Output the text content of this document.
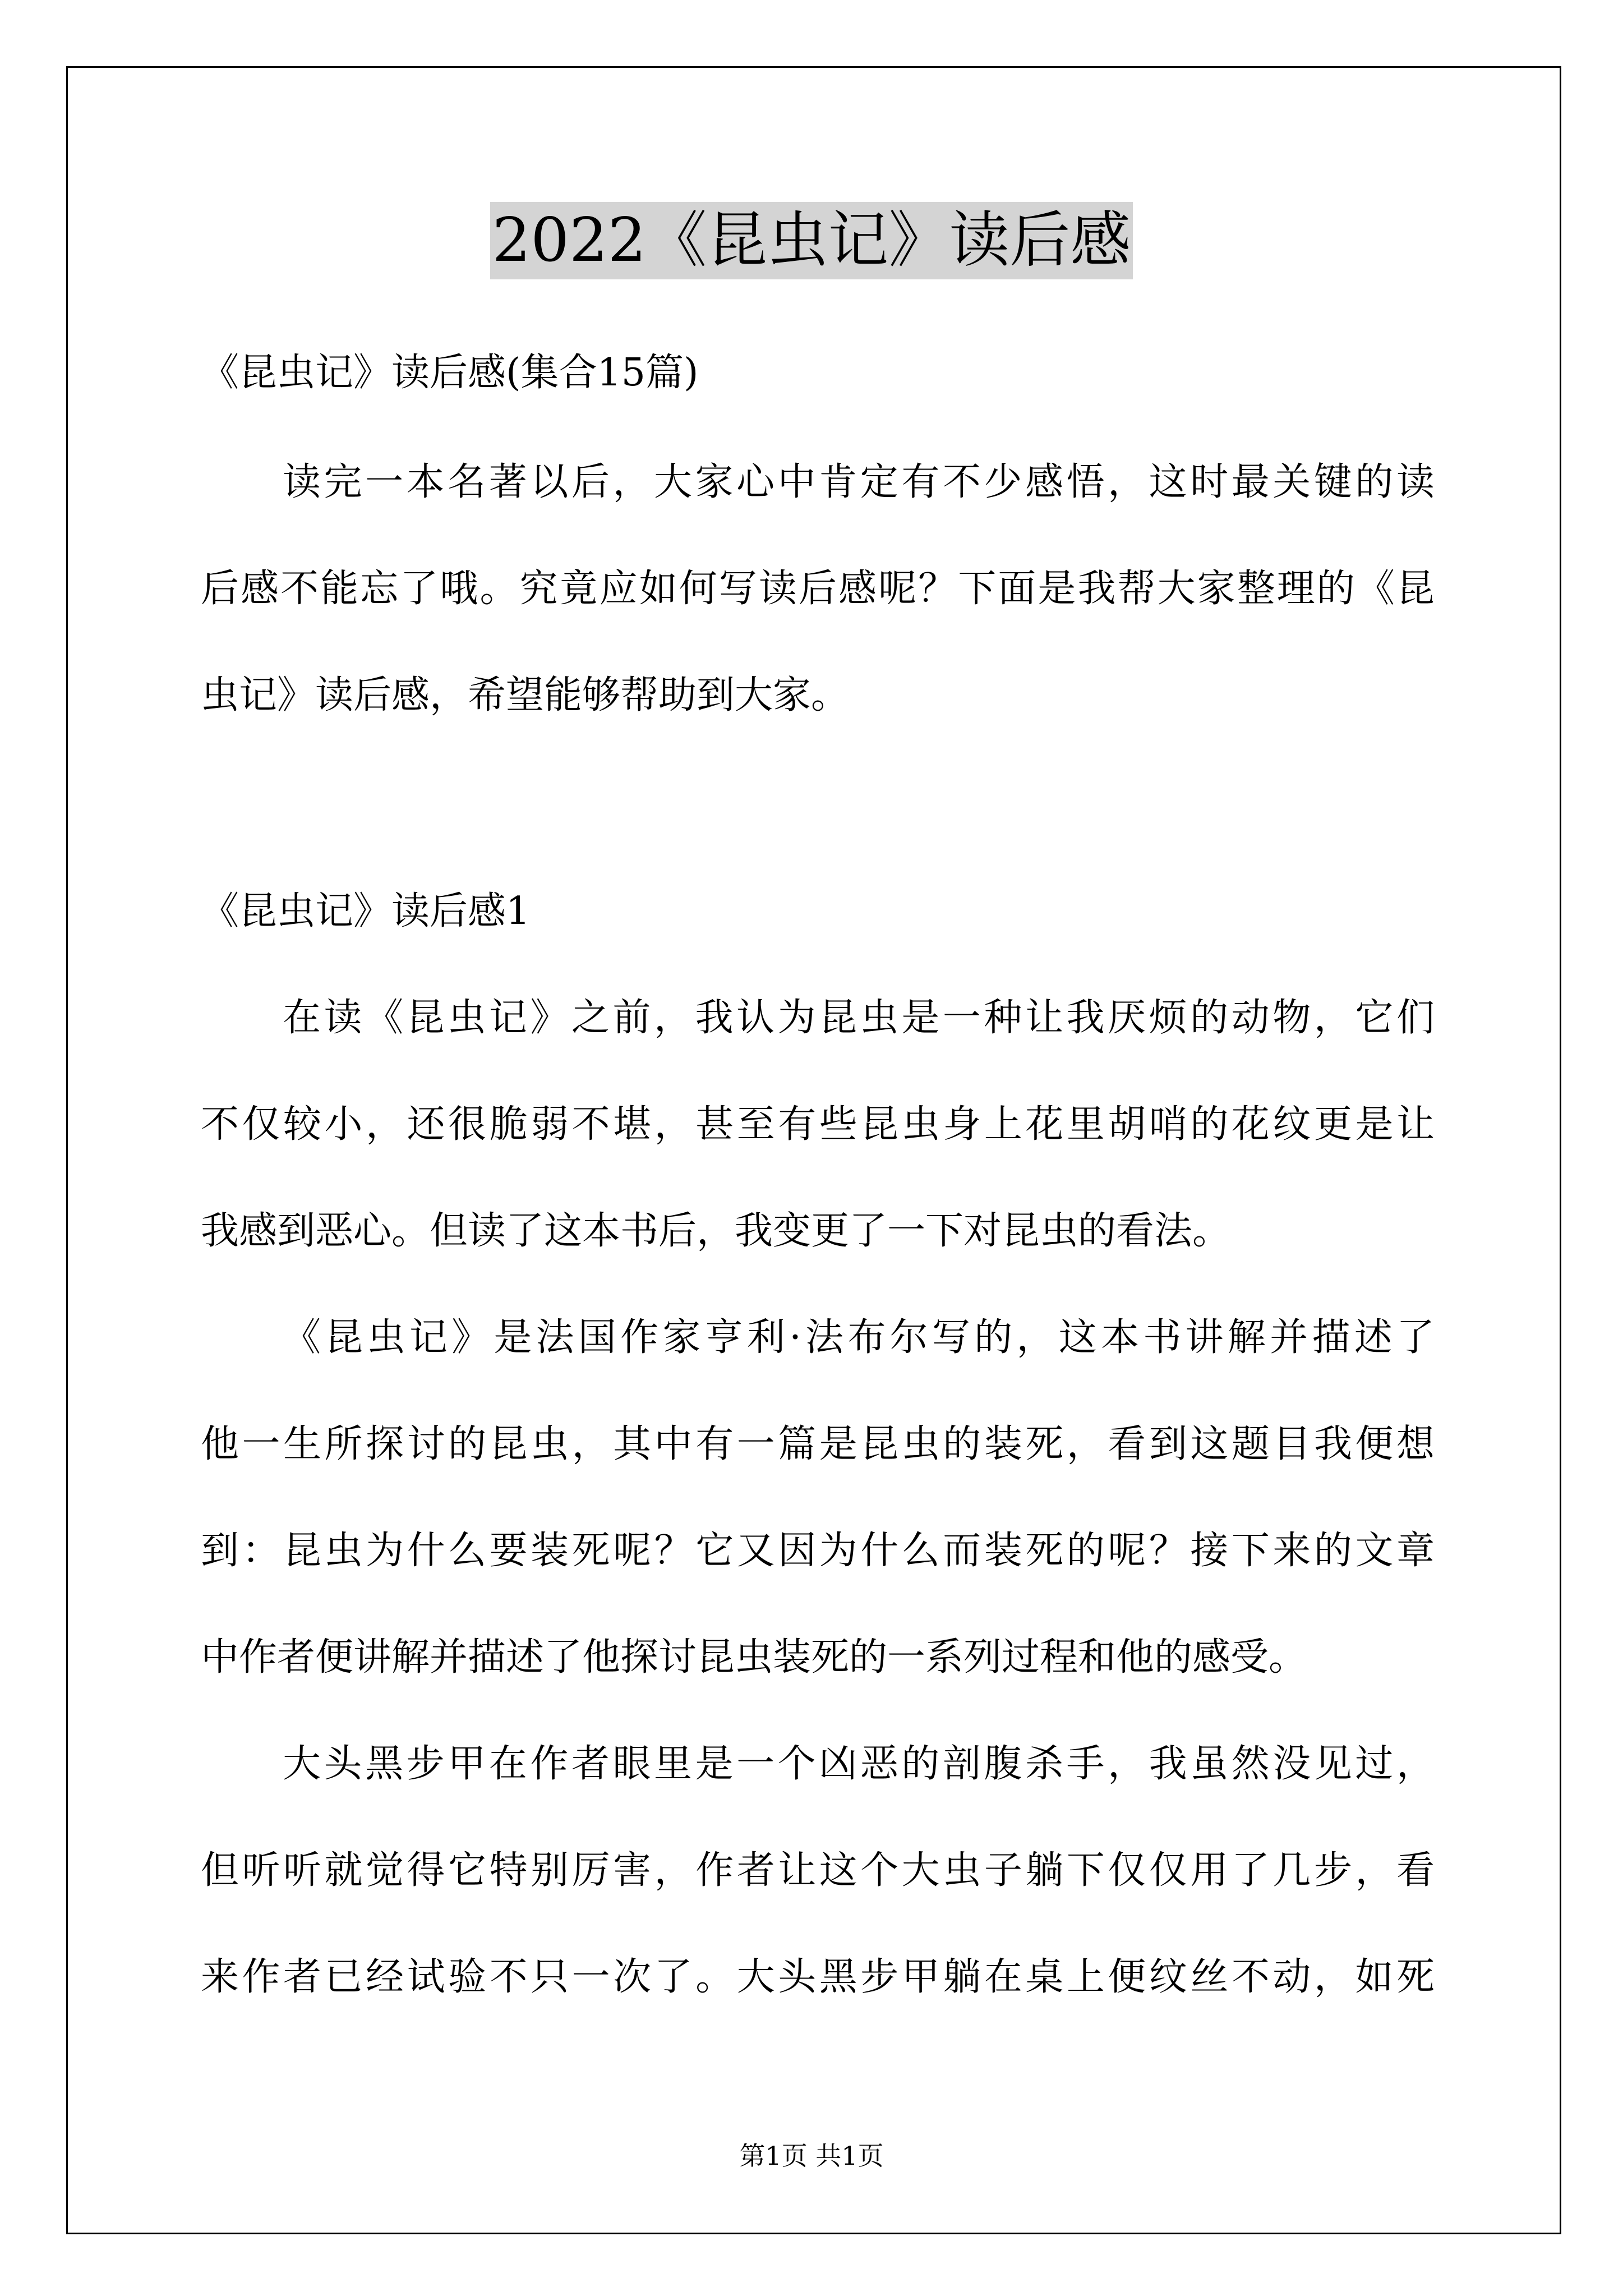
2022《昆虫记》读后感
《昆虫记》读后感(集合15篇)
读完一本名著以后，大家心中肯定有不少感悟，这时最关键的读
后感不能忘了哦。究竟应如何写读后感呢？下面是我帮大家整理的《昆
虫记》读后感，希望能够帮助到大家。
《昆虫记》读后感1
在读《昆虫记》之前，我认为昆虫是一种让我厌烦的动物，它们
不仅较小，还很脆弱不堪，甚至有些昆虫身上花里胡哨的花纹更是让
我感到恶心。但读了这本书后，我变更了一下对昆虫的看法。
《昆虫记》是法国作家亨利·法布尔写的，这本书讲解并描述了
他一生所探讨的昆虫，其中有一篇是昆虫的装死，看到这题目我便想
到：昆虫为什么要装死呢？它又因为什么而装死的呢？接下来的文章
中作者便讲解并描述了他探讨昆虫装死的一系列过程和他的感受。
大头黑步甲在作者眼里是一个凶恶的剖腹杀手，我虽然没见过，
但听听就觉得它特别厉害，作者让这个大虫子躺下仅仅用了几步，看
来作者已经试验不只一次了。大头黑步甲躺在桌上便纹丝不动，如死
第1页 共1页
